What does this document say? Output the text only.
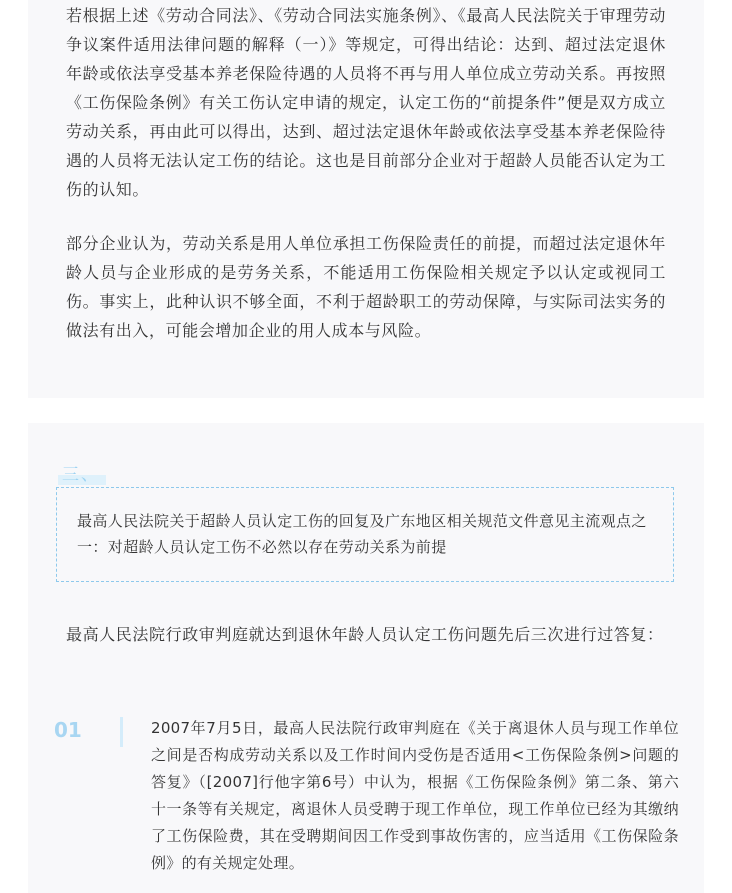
若根据上述《劳动合同法》、《劳动合同法实施条例》、《最高人民法院关于审理劳动争议案件适用法律问题的解释（一）》等规定，可得出结论：达到、超过法定退休年龄或依法享受基本养老保险待遇的人员将不再与用人单位成立劳动关系。再按照《工伤保险条例》有关工伤认定申请的规定，认定工伤的“前提条件”便是双方成立劳动关系，再由此可以得出，达到、超过法定退休年龄或依法享受基本养老保险待遇的人员将无法认定工伤的结论。这也是目前部分企业对于超龄人员能否认定为工伤的认知。

部分企业认为，劳动关系是用人单位承担工伤保险责任的前提，而超过法定退休年龄人员与企业形成的是劳务关系，不能适用工伤保险相关规定予以认定或视同工伤。事实上，此种认识不够全面，不利于超龄职工的劳动保障，与实际司法实务的做法有出入，可能会增加企业的用人成本与风险。

三、

最高人民法院关于超龄人员认定工伤的回复及广东地区相关规范文件意见主流观点之一：对超龄人员认定工伤不必然以存在劳动关系为前提

最高人民法院行政审判庭就达到退休年龄人员认定工伤问题先后三次进行过答复：

01	2007年7月5日，最高人民法院行政审判庭在《关于离退休人员与现工作单位之间是否构成劳动关系以及工作时间内受伤是否适用<工伤保险条例>问题的答复》（[2007]行他字第6号）中认为，根据《工伤保险条例》第二条、第六十一条等有关规定，离退休人员受聘于现工作单位，现工作单位已经为其缴纳了工伤保险费，其在受聘期间因工作受到事故伤害的，应当适用《工伤保险条例》的有关规定处理。
